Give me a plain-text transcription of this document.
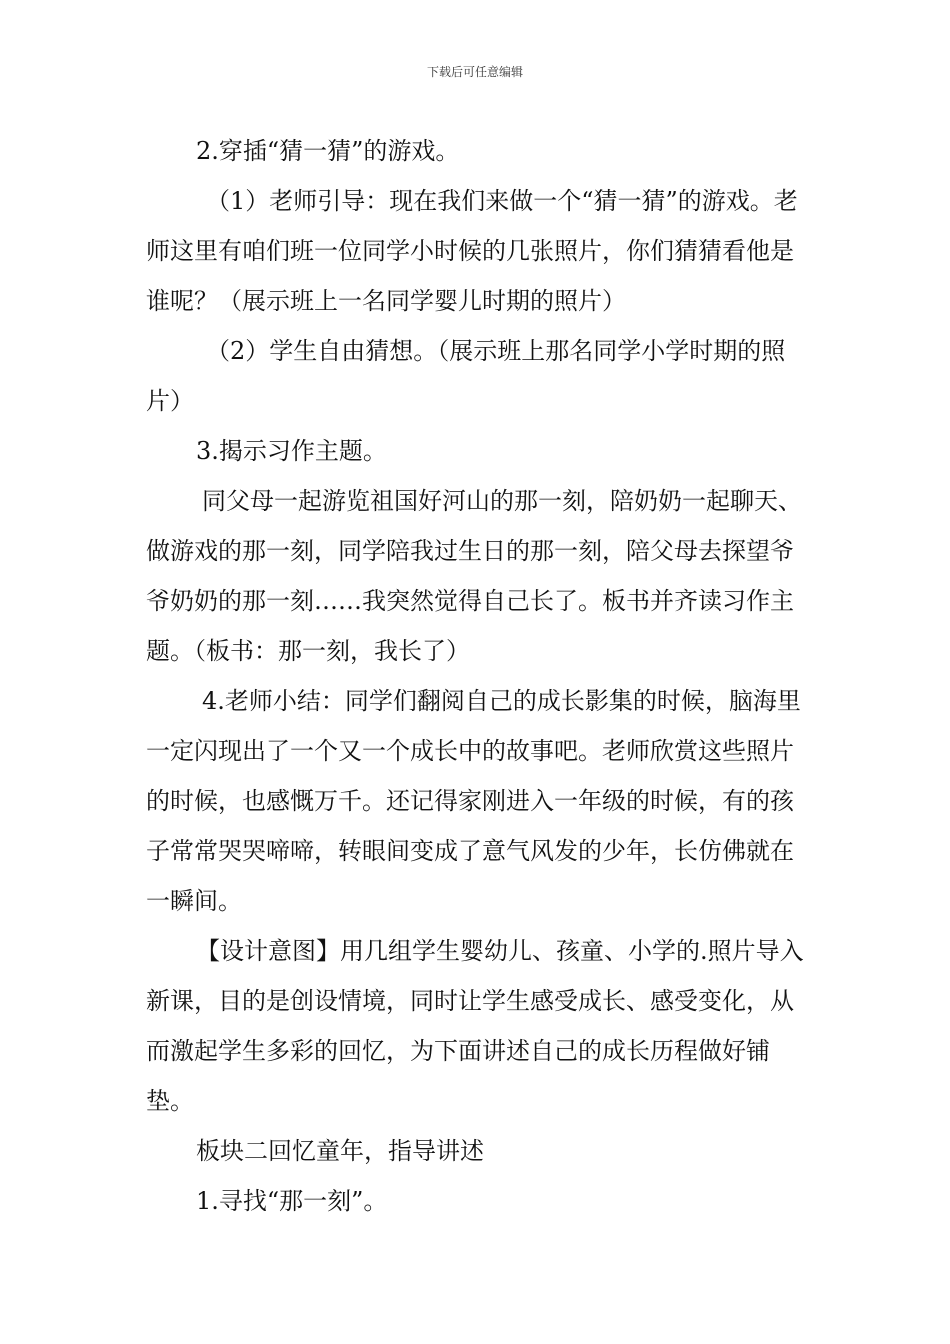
下载后可任意编辑

2.穿插“猜一猜”的游戏。

（1）老师引导：现在我们来做一个“猜一猜”的游戏。老师这里有咱们班一位同学小时候的几张照片，你们猜猜看他是谁呢？（展示班上一名同学婴儿时期的照片）

（2）学生自由猜想。（展示班上那名同学小学时期的照片）

3.揭示习作主题。

同父母一起游览祖国好河山的那一刻，陪奶奶一起聊天、做游戏的那一刻，同学陪我过生日的那一刻，陪父母去探望爷爷奶奶的那一刻……我突然觉得自己长了。板书并齐读习作主题。（板书：那一刻，我长了）

4.老师小结：同学们翻阅自己的成长影集的时候，脑海里一定闪现出了一个又一个成长中的故事吧。老师欣赏这些照片的时候，也感慨万千。还记得家刚进入一年级的时候，有的孩子常常哭哭啼啼，转眼间变成了意气风发的少年，长仿佛就在一瞬间。

【设计意图】用几组学生婴幼儿、孩童、小学的.照片导入新课，目的是创设情境，同时让学生感受成长、感受变化，从而激起学生多彩的回忆，为下面讲述自己的成长历程做好铺垫。

板块二回忆童年，指导讲述

1.寻找“那一刻”。
